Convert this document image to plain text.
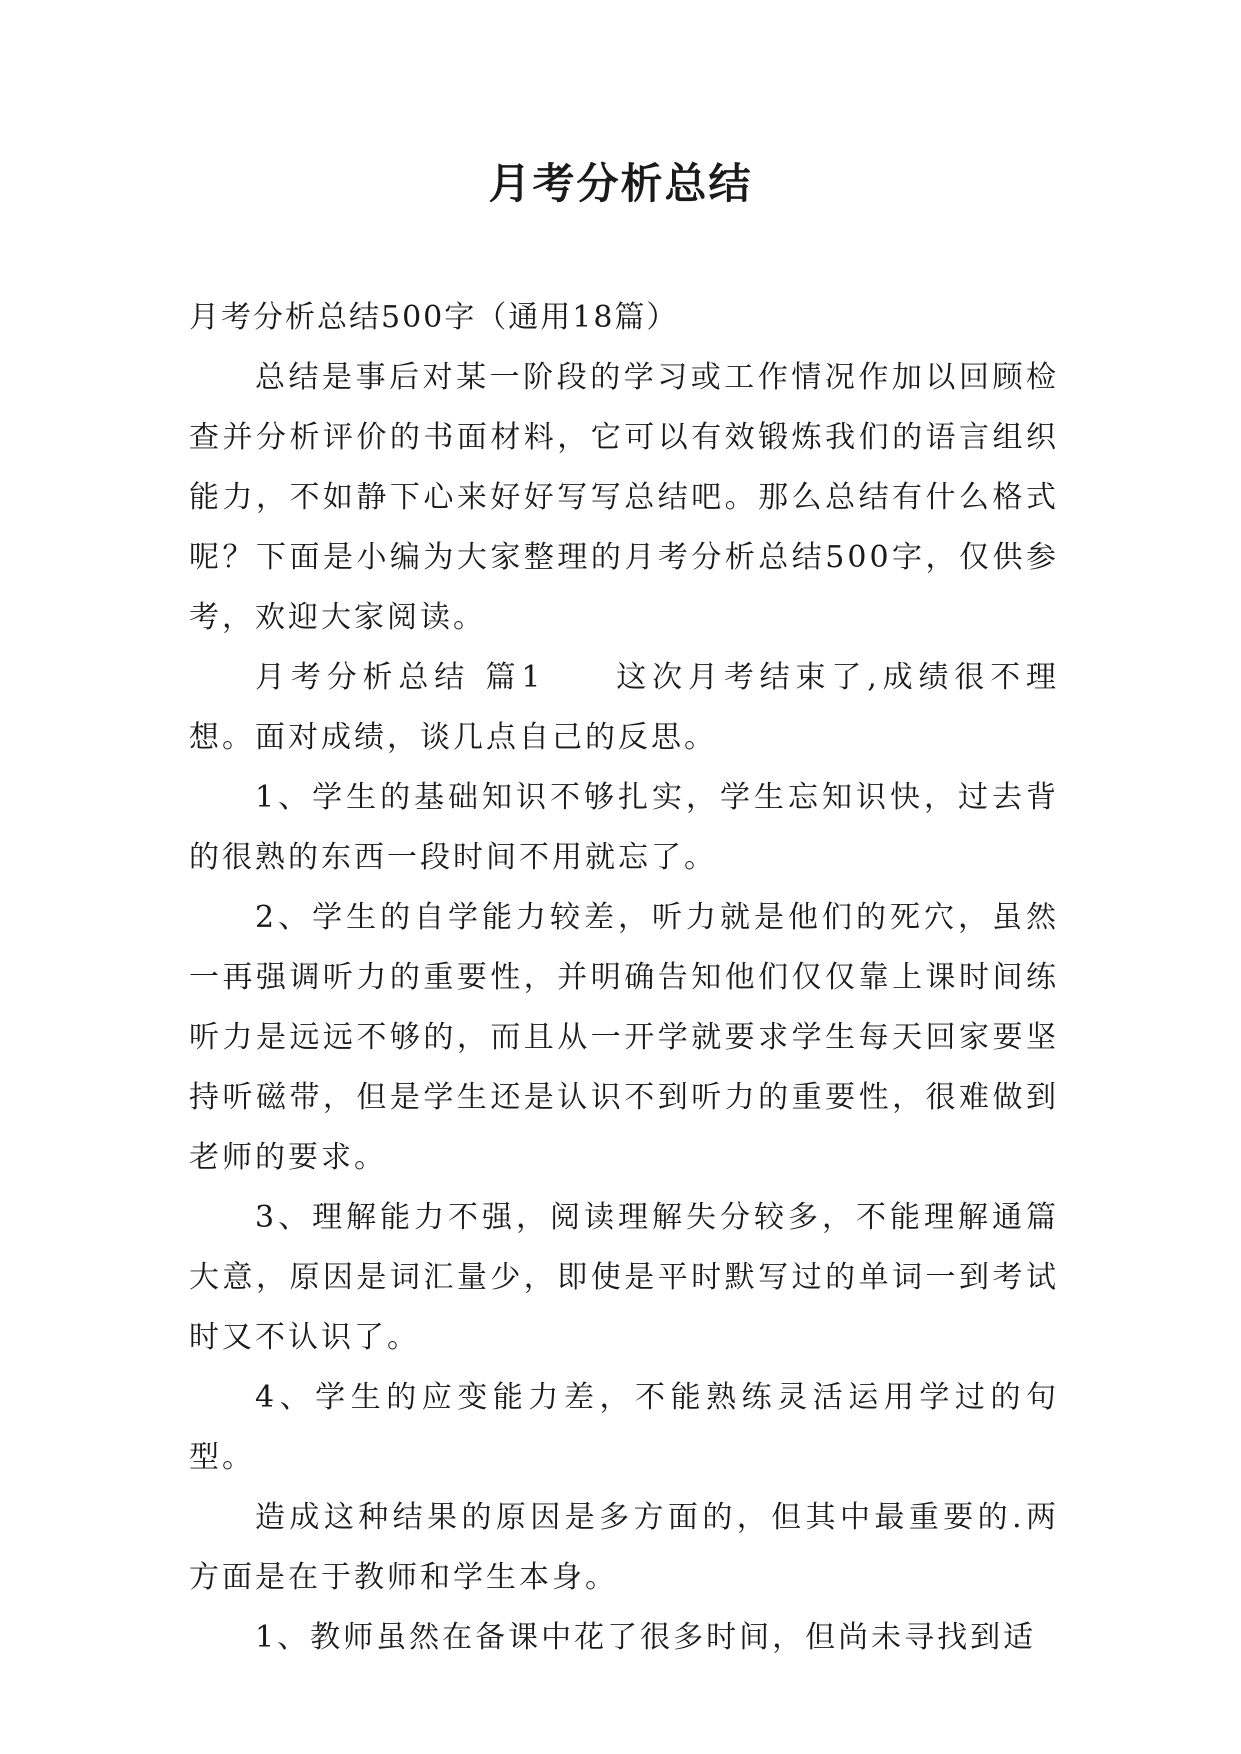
月考分析总结

月考分析总结500字（通用18篇）

总结是事后对某一阶段的学习或工作情况作加以回顾检查并分析评价的书面材料，它可以有效锻炼我们的语言组织能力，不如静下心来好好写写总结吧。那么总结有什么格式呢？下面是小编为大家整理的月考分析总结500字，仅供参考，欢迎大家阅读。

月考分析总结 篇1 这次月考结束了,成绩很不理想。面对成绩，谈几点自己的反思。

1、学生的基础知识不够扎实，学生忘知识快，过去背的很熟的东西一段时间不用就忘了。

2、学生的自学能力较差，听力就是他们的死穴，虽然一再强调听力的重要性，并明确告知他们仅仅靠上课时间练听力是远远不够的，而且从一开学就要求学生每天回家要坚持听磁带，但是学生还是认识不到听力的重要性，很难做到老师的要求。

3、理解能力不强，阅读理解失分较多，不能理解通篇大意，原因是词汇量少，即使是平时默写过的单词一到考试时又不认识了。

4、学生的应变能力差，不能熟练灵活运用学过的句型。

造成这种结果的原因是多方面的，但其中最重要的.两方面是在于教师和学生本身。

1、教师虽然在备课中花了很多时间，但尚未寻找到适
